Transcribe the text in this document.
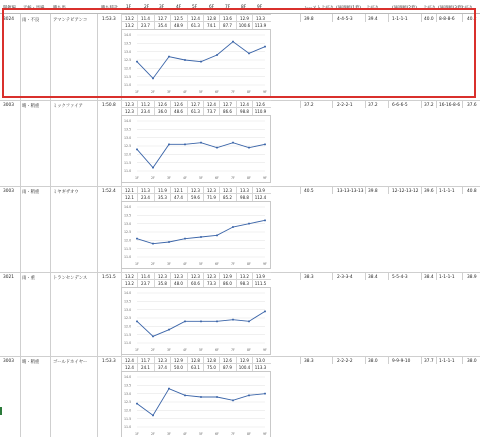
開催場 天候・馬場 勝ち馬	勝ち時計 1F	2F 3F	4F	5F	6F	7F	8F	9F	レースト上がり (通過順(1着) 上がり	(通過順(2着) 上がり (通過順(3着)
上がり
3024 雨・不良	アマンテビアンコ	1:53.3	13.2	11.4	12.7	12.5	12.4	12.8	13.6	12.9	13.3
13.2	23.7	35.4	48.9	61.3	74.1	87.7	100.6	113.9
39.8	4-4-5-3	39.4	1-1-1-1	40.0 8-8-8-6	40.2
14.0
13.5
13.0
12.5
12.0
11.5
11.0
1F	2F	3F	4F	5F	6F	7F	8F	9F
3003 晴・稍重	ミックファイア	1:50.8	12.3	11.2	12.6	12.6	12.7	12.4	12.7	12.4	12.6
12.3	23.4	36.0	48.6	61.3	73.7	86.6	98.8	110.9
37.2	2-2-2-1	37.2	6-6-6-5	37.2 16-16-8-6 37.6
14.0
13.5
13.0
12.5
12.0
11.5
11.0
1F	2F	3F	4F	5F	6F	7F	8F	9F
3003 雨・稍重	ミヤギザオウ	1:52.4	12.1	11.3	11.9	12.1	12.3	12.3	12.3	13.3	13.9
12.1	23.4	35.3	47.4	59.6	71.9	85.2	98.8	112.4
40.5	13-13-13-13 39.8	12-12-13-12 39.6 1-1-1-1	40.8
14.0
13.5
13.0
12.5
12.0
11.5
11.0
1F	2F	3F	4F	5F	6F	7F	8F	9F
3021 雨・重	トランセンデンス	1:51.5	13.2	11.4	12.3	12.3	12.3	12.3	12.9	13.2	13.9
13.2	23.7	35.8	48.0	60.6	73.3	86.0	98.3	111.5
38.3	2-3-3-4	38.4	5-5-4-3	38.4 1-1-1-1	38.9
14.0
13.5
13.0
12.5
12.0
11.5
11.0
1F	2F	3F	4F	5F	6F	7F	8F	9F
3003 晴・稍重	ゴールドホイヤー	1:53.3	12.4	11.7	12.3	12.9	12.8	12.8	12.6	12.9	13.0
12.4	24.1	37.4	50.0	63.1	75.0	87.9	100.4	113.3
38.3	2-2-2-2	38.0	9-9-9-10	37.7 1-1-1-1	38.0
14.0
13.5
13.0
12.5
12.0
11.5
11.0
1F	2F	3F	4F	5F	6F	7F	8F	9F
